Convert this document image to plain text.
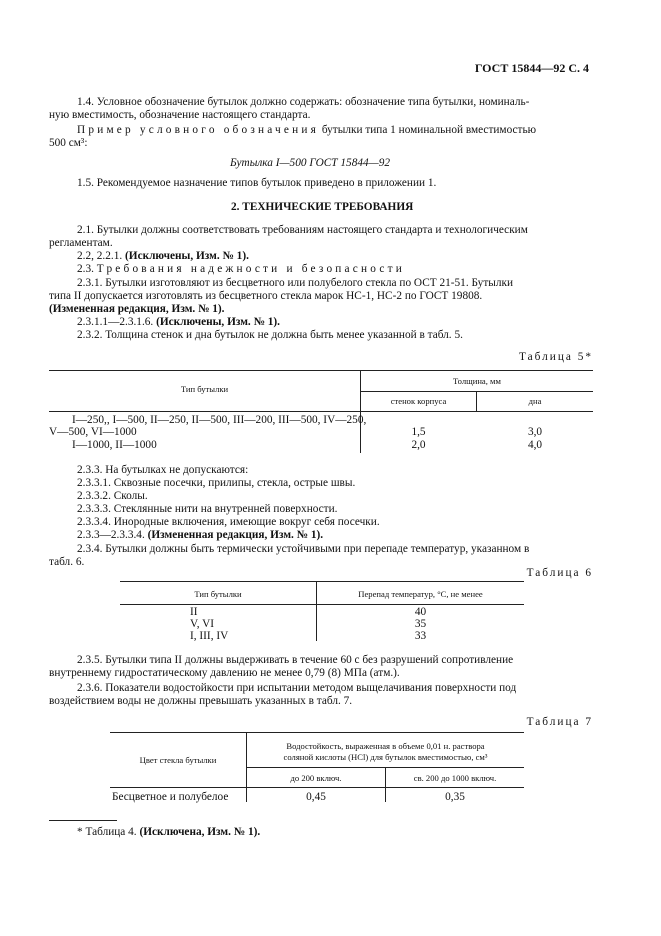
ГОСТ 15844—92 С. 4
1.4. Условное обозначение бутылок должно содержать: обозначение типа бутылки, номиналь-
ную вместимость, обозначение настоящего стандарта.
Пример условного обозначения бутылки типа 1 номинальной вместимостью
500 см³:
Бутылка I—500 ГОСТ 15844—92
1.5. Рекомендуемое назначение типов бутылок приведено в приложении 1.
2. ТЕХНИЧЕСКИЕ ТРЕБОВАНИЯ
2.1. Бутылки должны соответствовать требованиям настоящего стандарта и технологическим
регламентам.
2.2, 2.2.1. (Исключены, Изм. № 1).
2.3. Требования надежности и безопасности
2.3.1. Бутылки изготовляют из бесцветного или полубелого стекла по ОСТ 21-51. Бутылки
типа II допускается изготовлять из бесцветного стекла марок НС-1, НС-2 по ГОСТ 19808.
(Измененная редакция, Изм. № 1).
2.3.1.1—2.3.1.6. (Исключены, Изм. № 1).
2.3.2. Толщина стенок и дна бутылок не должна быть менее указанной в табл. 5.
Таблица 5*
Тип бутылки
Толщина, мм
стенок корпуса	дна
I—250,, I—500, II—250, II—500, III—200, III—500, IV—250,
V—500, VI—1000	1,5	3,0
I—1000, II—1000	2,0	4,0
2.3.3. На бутылках не допускаются:
2.3.3.1. Сквозные посечки, прилипы, стекла, острые швы.
2.3.3.2. Сколы.
2.3.3.3. Стеклянные нити на внутренней поверхности.
2.3.3.4. Инородные включения, имеющие вокруг себя посечки.
2.3.3—2.3.3.4. (Измененная редакция, Изм. № 1).
2.3.4. Бутылки должны быть термически устойчивыми при перепаде температур, указанном в
табл. 6.
Таблица 6
Тип бутылки	Перепад температур, °С, не менее
II	40
V, VI	35
I, III, IV	33
2.3.5. Бутылки типа II должны выдерживать в течение 60 с без разрушений сопротивление
внутреннему гидростатическому давлению не менее 0,79 (8) МПа (атм.).
2.3.6. Показатели водостойкости при испытании методом выщелачивания поверхности под
воздействием воды не должны превышать указанных в табл. 7.
Таблица 7
Цвет стекла бутылки
Водостойкость, выраженная в объеме 0,01 н. раствора
соляной кислоты (HCl) для бутылок вместимостью, см³
до 200 включ.	св. 200 до 1000 включ.
Бесцветное и полубелое	0,45	0,35
* Таблица 4. (Исключена, Изм. № 1).
